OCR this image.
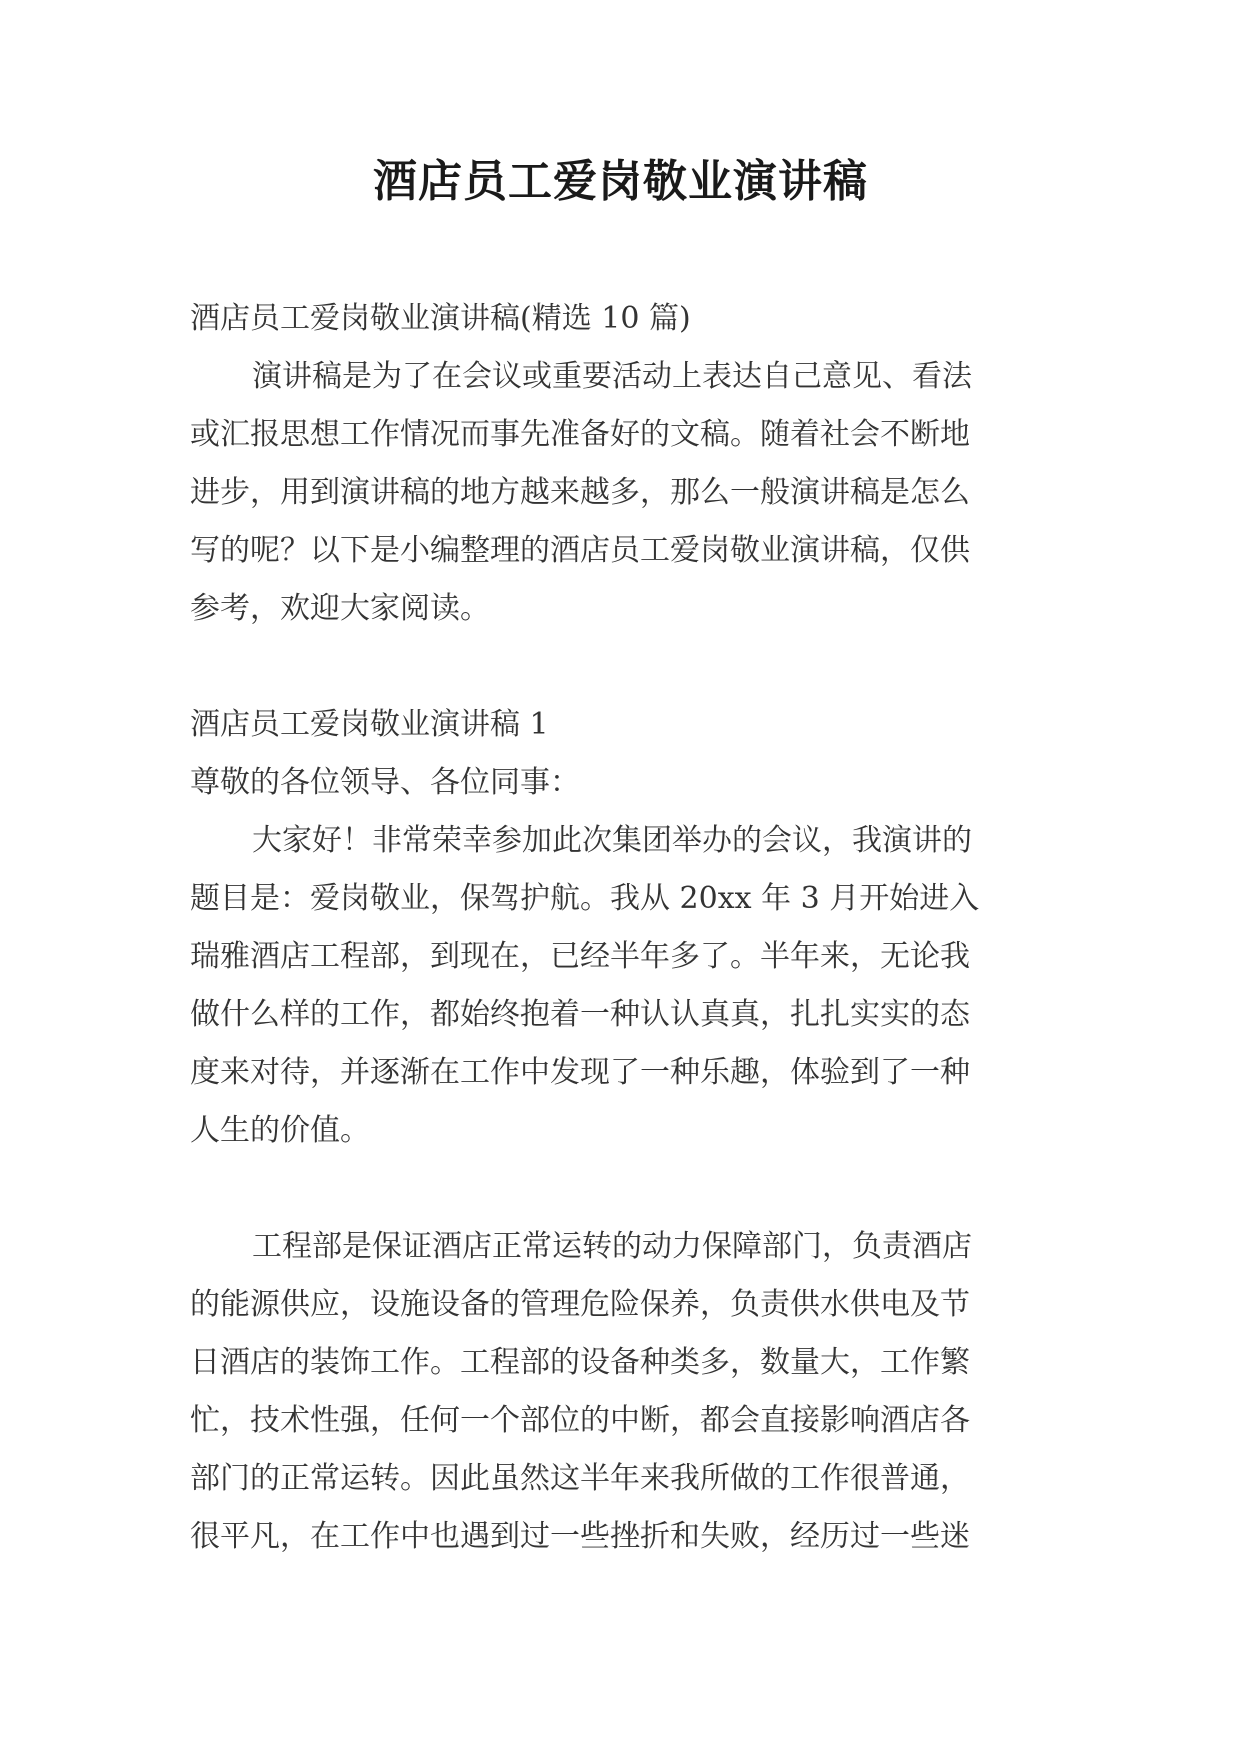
酒店员工爱岗敬业演讲稿
酒店员工爱岗敬业演讲稿(精选 10 篇)
演讲稿是为了在会议或重要活动上表达自己意见、看法
或汇报思想工作情况而事先准备好的文稿。随着社会不断地
进步，用到演讲稿的地方越来越多，那么一般演讲稿是怎么
写的呢？以下是小编整理的酒店员工爱岗敬业演讲稿，仅供
参考，欢迎大家阅读。
酒店员工爱岗敬业演讲稿 1
尊敬的各位领导、各位同事：
大家好！非常荣幸参加此次集团举办的会议，我演讲的
题目是：爱岗敬业，保驾护航。我从 20xx 年 3 月开始进入
瑞雅酒店工程部，到现在，已经半年多了。半年来，无论我
做什么样的工作，都始终抱着一种认认真真，扎扎实实的态
度来对待，并逐渐在工作中发现了一种乐趣，体验到了一种
人生的价值。
工程部是保证酒店正常运转的动力保障部门，负责酒店
的能源供应，设施设备的管理危险保养，负责供水供电及节
日酒店的装饰工作。工程部的设备种类多，数量大，工作繁
忙，技术性强，任何一个部位的中断，都会直接影响酒店各
部门的正常运转。因此虽然这半年来我所做的工作很普通，
很平凡，在工作中也遇到过一些挫折和失败，经历过一些迷
